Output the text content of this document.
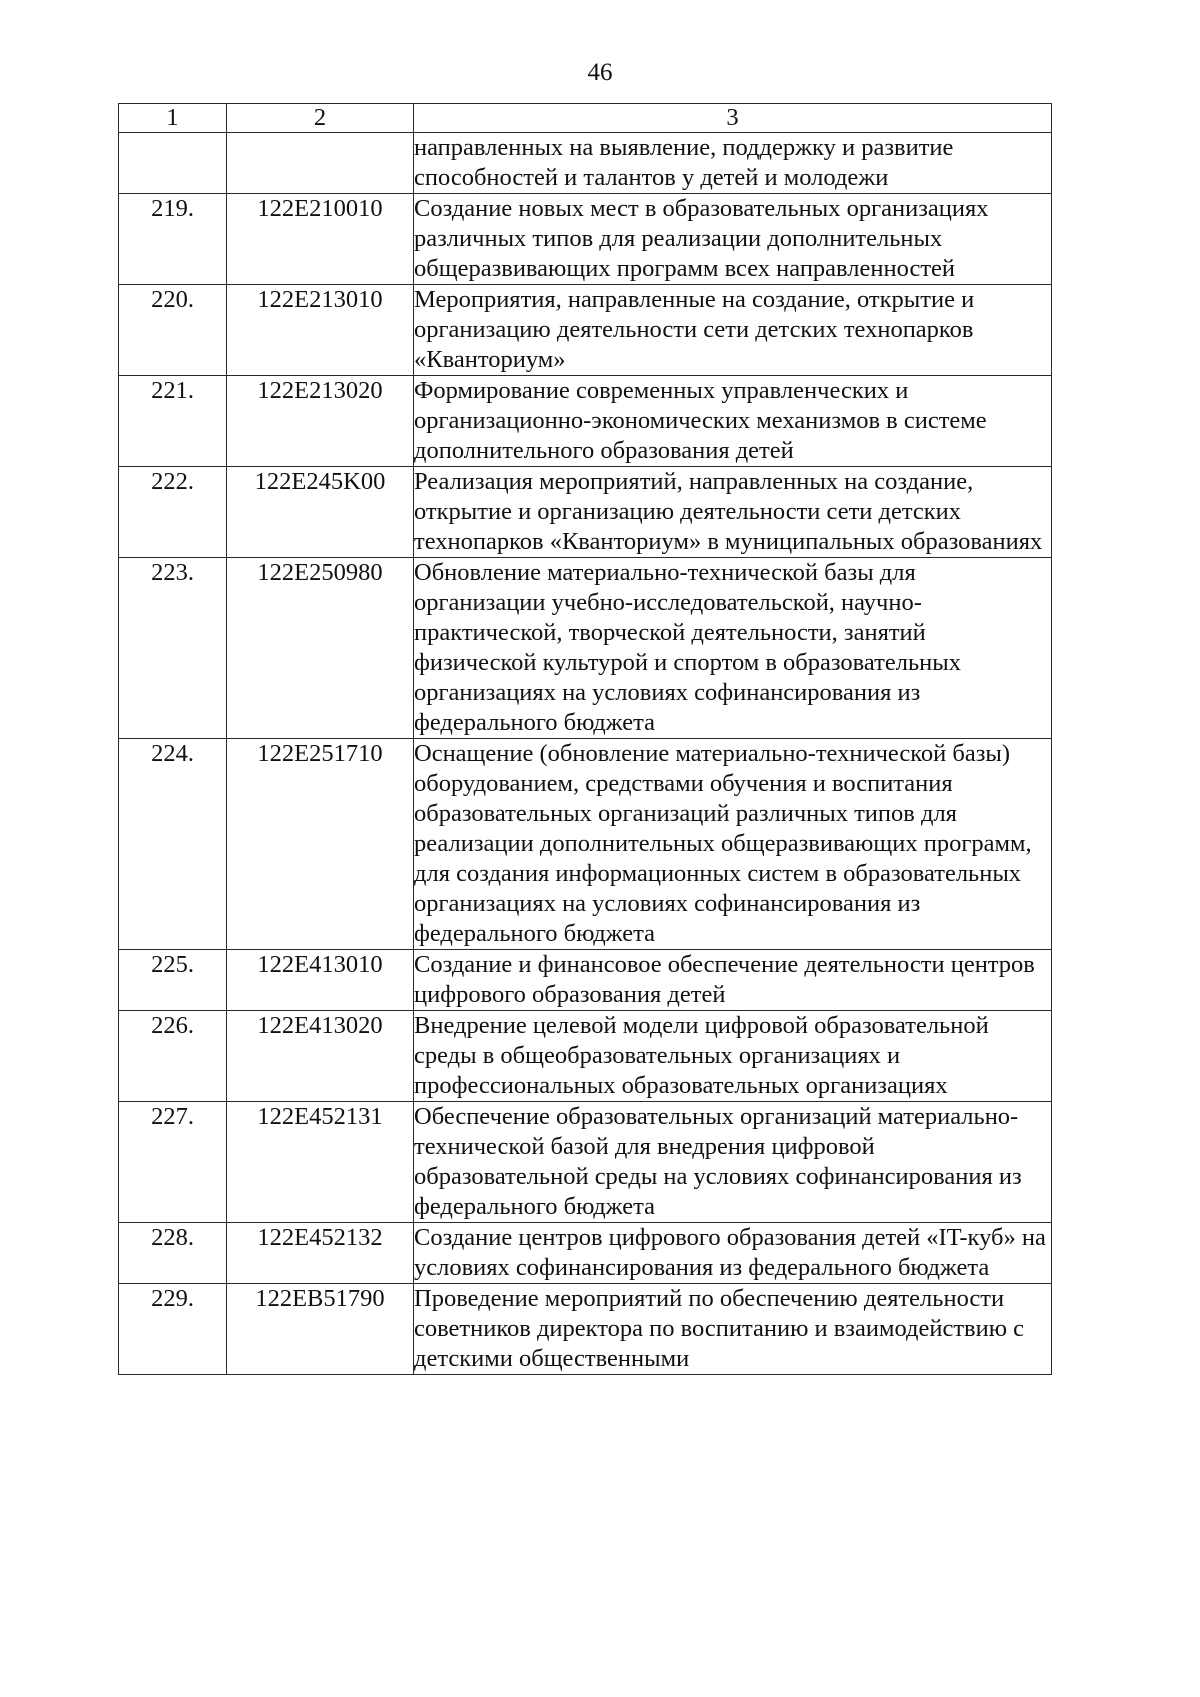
46
1	2	3
		направленных на выявление, поддержку и развитие способностей и талантов у детей и молодежи
219.	122E210010	Создание новых мест в образовательных организациях различных типов для реализации дополнительных общеразвивающих программ всех направленностей
220.	122E213010	Мероприятия, направленные на создание, открытие и организацию деятельности сети детских технопарков «Кванториум»
221.	122E213020	Формирование современных управленческих и организационно-экономических механизмов в системе дополнительного образования детей
222.	122E245K00	Реализация мероприятий, направленных на создание, открытие и организацию деятельности сети детских технопарков «Кванториум» в муниципальных образованиях
223.	122E250980	Обновление материально-технической базы для организации учебно-исследовательской, научно-практической, творческой деятельности, занятий физической культурой и спортом в образовательных организациях на условиях софинансирования из федерального бюджета
224.	122E251710	Оснащение (обновление материально-технической базы) оборудованием, средствами обучения и воспитания образовательных организаций различных типов для реализации дополнительных общеразвивающих программ, для создания информационных систем в образовательных организациях на условиях софинансирования из федерального бюджета
225.	122E413010	Создание и финансовое обеспечение деятельности центров цифрового образования детей
226.	122E413020	Внедрение целевой модели цифровой образовательной среды в общеобразовательных организациях и профессиональных образовательных организациях
227.	122E452131	Обеспечение образовательных организаций материально-технической базой для внедрения цифровой образовательной среды на условиях софинансирования из федерального бюджета
228.	122E452132	Создание центров цифрового образования детей «IT-куб» на условиях софинансирования из федерального бюджета
229.	122EB51790	Проведение мероприятий по обеспечению деятельности советников директора по воспитанию и взаимодействию с детскими общественными
